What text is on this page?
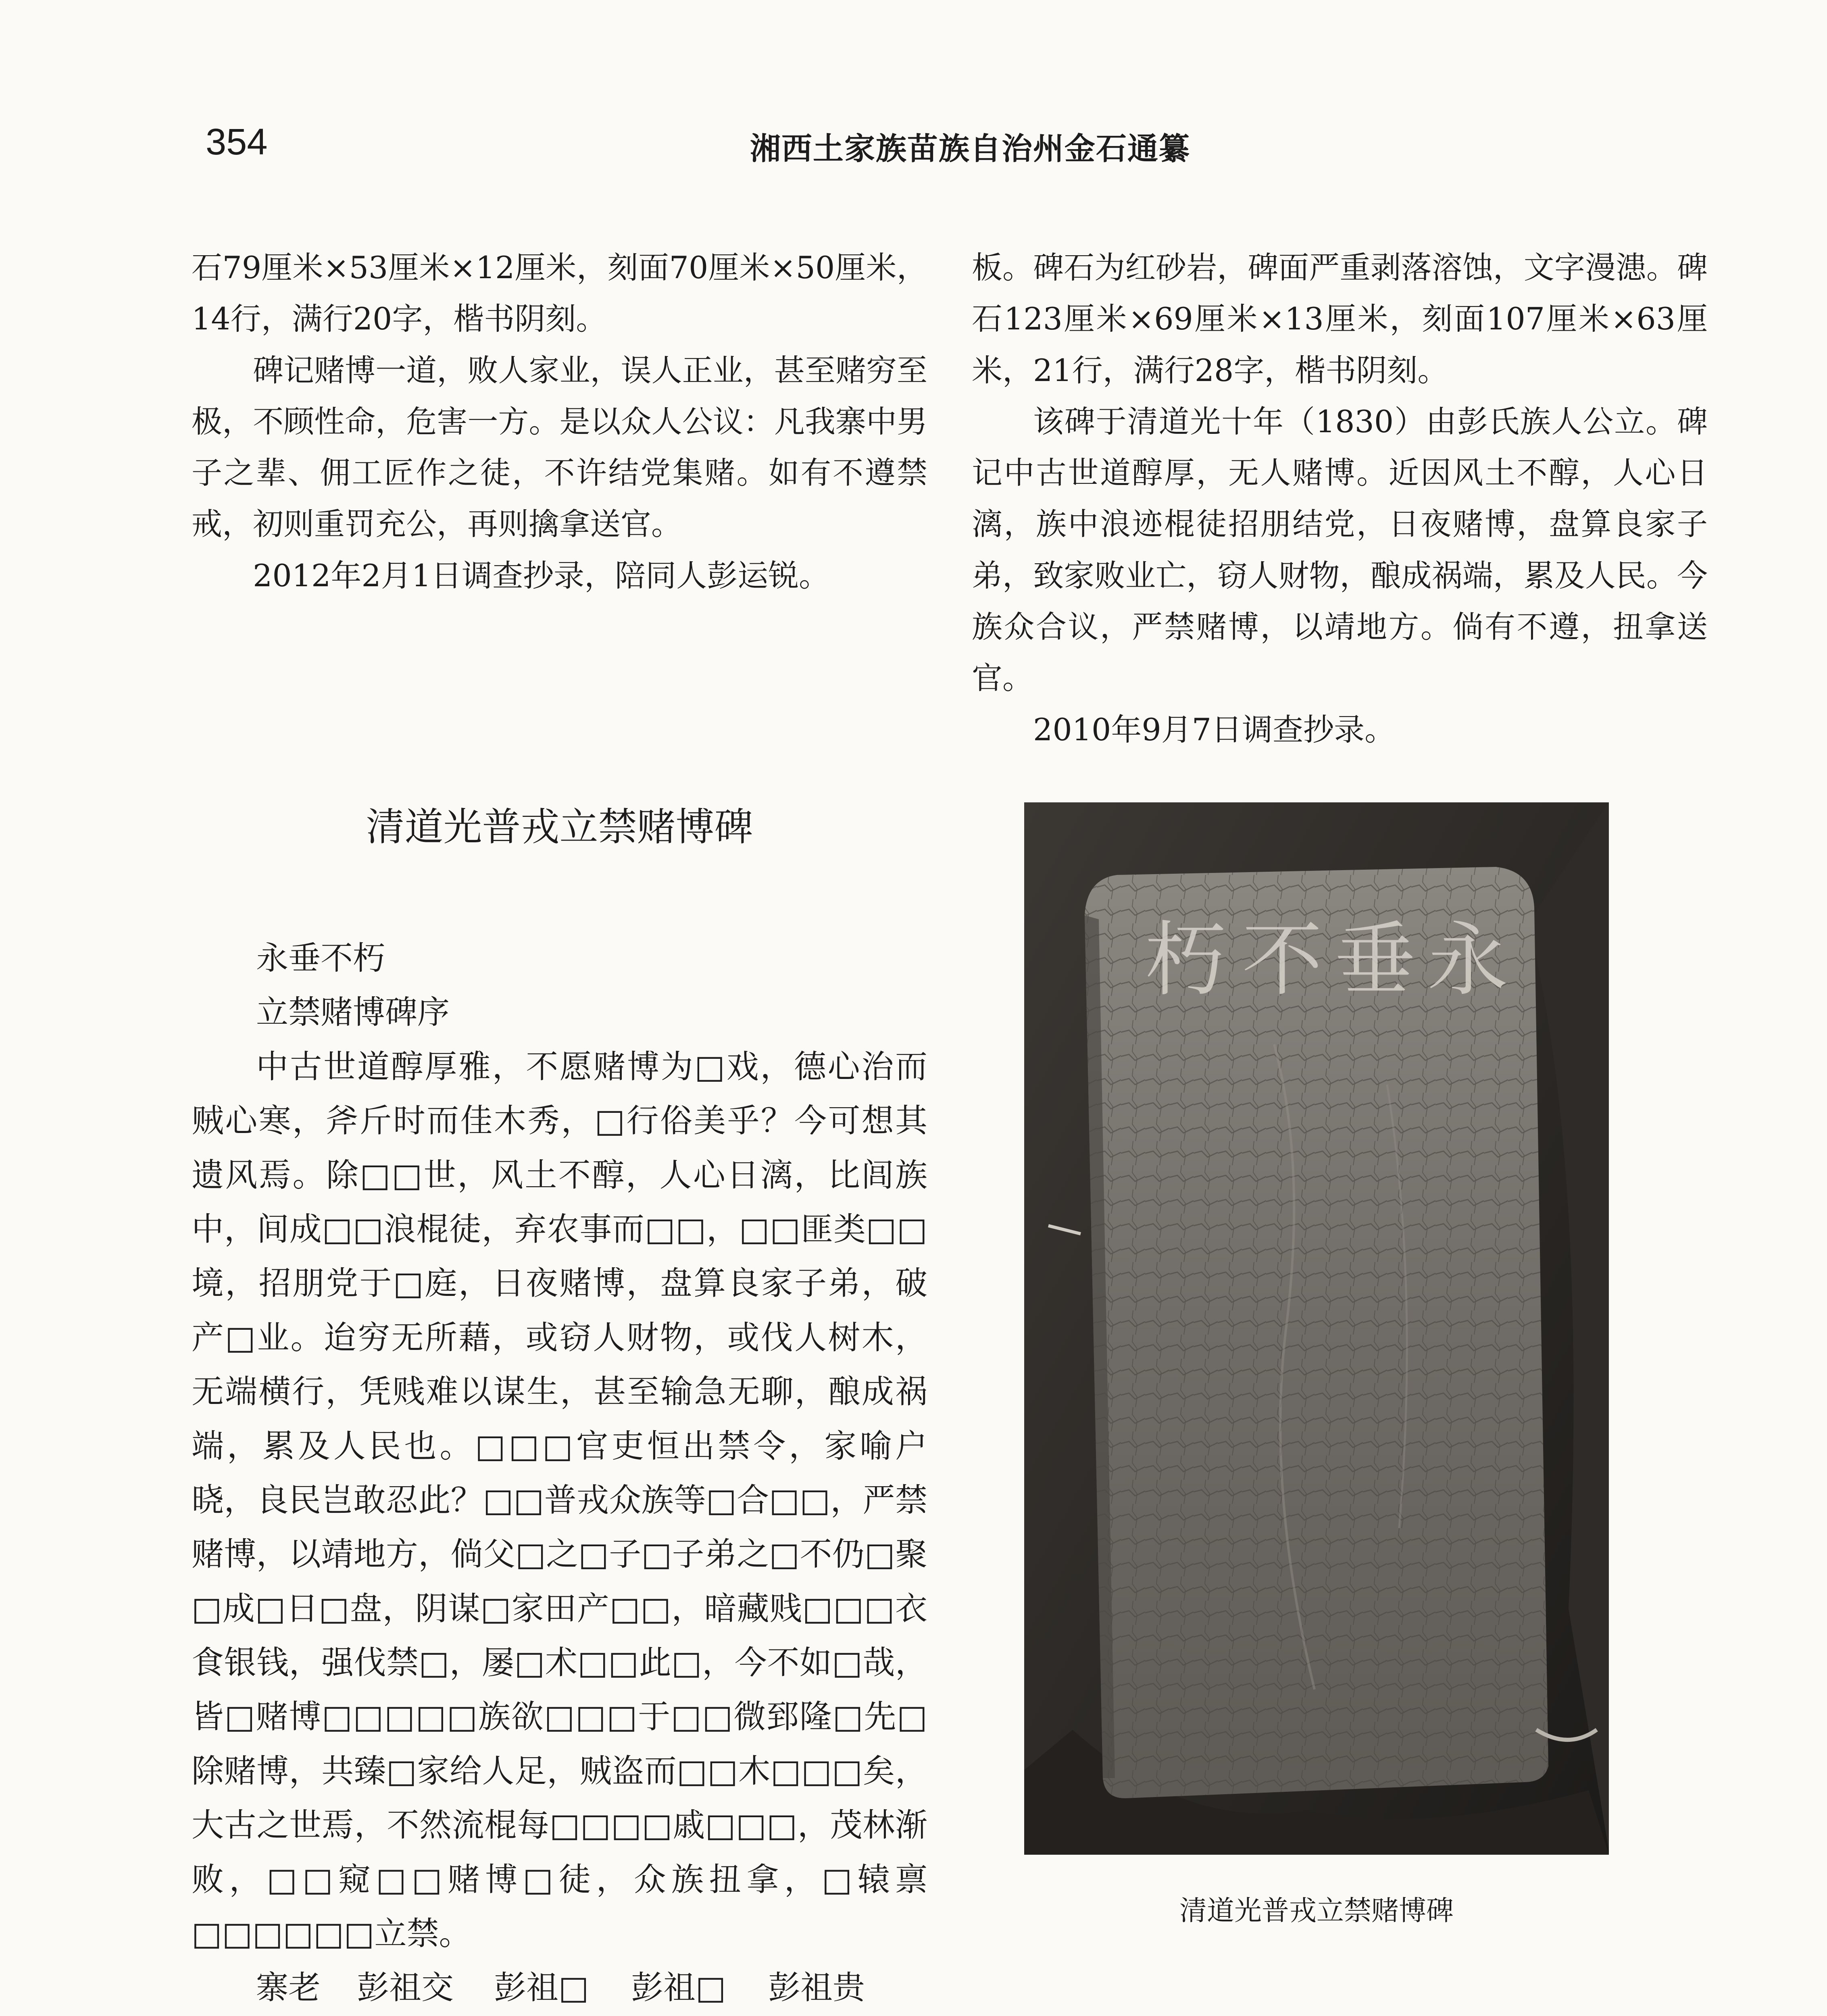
354	湘西土家族苗族自治州金石通纂

石79厘米×53厘米×12厘米，刻面70厘米×50厘米，14行，满行20字，楷书阴刻。

碑记赌博一道，败人家业，误人正业，甚至赌穷至极，不顾性命，危害一方。是以众人公议：凡我寨中男子之辈、佣工匠作之徒，不许结党集赌。如有不遵禁戒，初则重罚充公，再则擒拿送官。

2012年2月1日调查抄录，陪同人彭运锐。

清道光普戎立禁赌博碑

永垂不朽

立禁赌博碑序

中古世道醇厚雅，不愿赌博为□戏，德心治而贼心寒，斧斤时而佳木秀，□行俗美乎？今可想其遗风焉。除□□世，风土不醇，人心日漓，比闾族中，间成□□浪棍徒，弃农事而□□，□□匪类□□境，招朋党于□庭，日夜赌博，盘算良家子弟，破产□业。迨穷无所藉，或窃人财物，或伐人树木，无端横行，凭贱难以谋生，甚至输急无聊，酿成祸端，累及人民也。□□□官吏恒出禁令，家喻户晓，良民岂敢忍此？□□普戎众族等□合□□，严禁赌博，以靖地方，倘父□之□子□子弟之□不仍□聚□成□日□盘，阴谋□家田产□□，暗藏贱□□□衣食银钱，强伐禁□，屡□术□□此□，今不如□哉，皆□赌博□□□□□族欲□□□于□□微郅隆□先□除赌博，共臻□家给人足，贼盗而□□木□□□矣，大古之世焉，不然流棍每□□□□戚□□□，茂林渐败，□□窥□□赌博□徒，众族扭拿，□辕禀□□□□□□立禁。

寨老	彭祖交	彭祖□	彭祖□	彭祖贵

板。碑石为红砂岩，碑面严重剥落溶蚀，文字漫漶。碑石123厘米×69厘米×13厘米，刻面107厘米×63厘米，21行，满行28字，楷书阴刻。

该碑于清道光十年（1830）由彭氏族人公立。碑记中古世道醇厚，无人赌博。近因风土不醇，人心日漓，族中浪迹棍徒招朋结党，日夜赌博，盘算良家子弟，致家败业亡，窃人财物，酿成祸端，累及人民。今族众合议，严禁赌博，以靖地方。倘有不遵，扭拿送官。

2010年9月7日调查抄录。

永
垂
不
朽
清道光普戎立禁赌博碑
